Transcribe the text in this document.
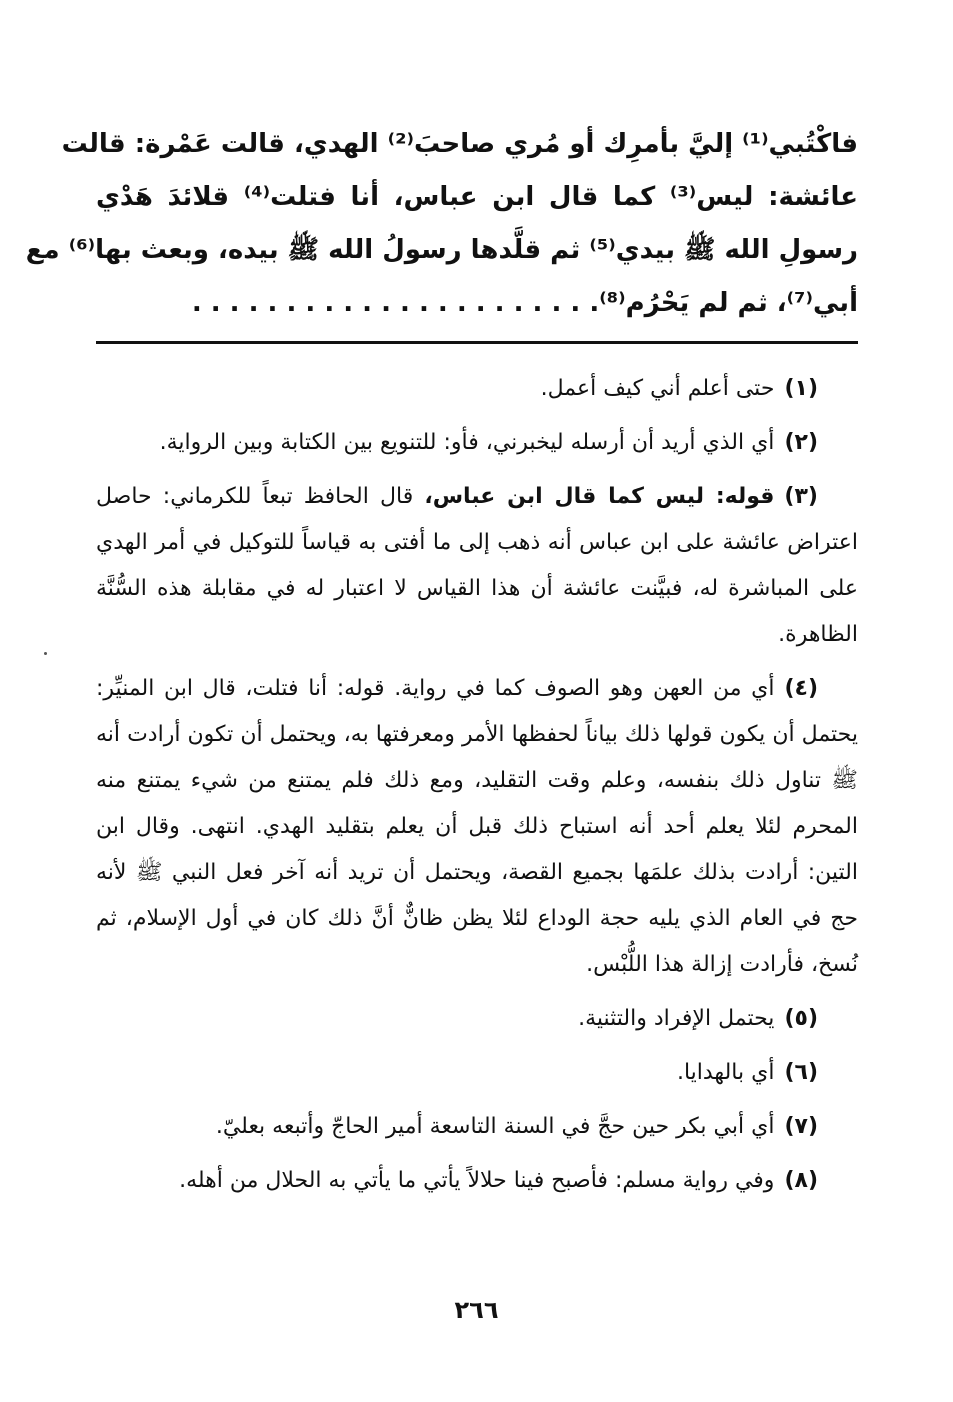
فاكْتُبي⁽¹⁾ إليَّ بأمرِك أو مُري صاحبَ⁽²⁾ الهدي، قالت عَمْرة: قالت
عائشة: ليس⁽³⁾ كما قال ابن عباس، أنا فتلت⁽⁴⁾ قلائدَ هَدْي
رسولِ الله ﷺ بيدي⁽⁵⁾ ثم قلَّدها رسولُ الله ﷺ بيده، وبعث بها⁽⁶⁾ مع
أبي⁽⁷⁾، ثم لم يَحْرُم⁽⁸⁾. . . . . . . . . . . . . . . . . . . . . .

(١)حتى أعلم أني كيف أعمل.

(٢)أي الذي أريد أن أرسله ليخبرني، فأو: للتنويع بين الكتابة وبين الرواية.

(٣)قوله: ليس كما قال ابن عباس، قال الحافظ تبعاً للكرماني: حاصل اعتراض عائشة على ابن عباس أنه ذهب إلى ما أفتى به قياساً للتوكيل في أمر الهدي على المباشرة له، فبيَّنت عائشة أن هذا القياس لا اعتبار له في مقابلة هذه السُّنَّة الظاهرة.

(٤)أي من العهن وهو الصوف كما في رواية. قوله: أنا فتلت، قال ابن المنيِّر: يحتمل أن يكون قولها ذلك بياناً لحفظها الأمر ومعرفتها به، ويحتمل أن تكون أرادت أنه ﷺ تناول ذلك بنفسه، وعلم وقت التقليد، ومع ذلك فلم يمتنع من شيء يمتنع منه المحرم لئلا يعلم أحد أنه استباح ذلك قبل أن يعلم بتقليد الهدي. انتهى. وقال ابن التين: أرادت بذلك علمَها بجميع القصة، ويحتمل أن تريد أنه آخر فعل النبي ﷺ لأنه حج في العام الذي يليه حجة الوداع لئلا يظن ظانٌّ أنَّ ذلك كان في أول الإسلام، ثم نُسخ، فأرادت إزالة هذا اللُّبْس.

(٥)يحتمل الإفراد والتثنية.

(٦)أي بالهدايا.

(٧)أي أبي بكر حين حجَّ في السنة التاسعة أمير الحاجّ وأتبعه بعليّ.

(٨)وفي رواية مسلم: فأصبح فينا حلالاً يأتي ما يأتي به الحلال من أهله.

٢٦٦
